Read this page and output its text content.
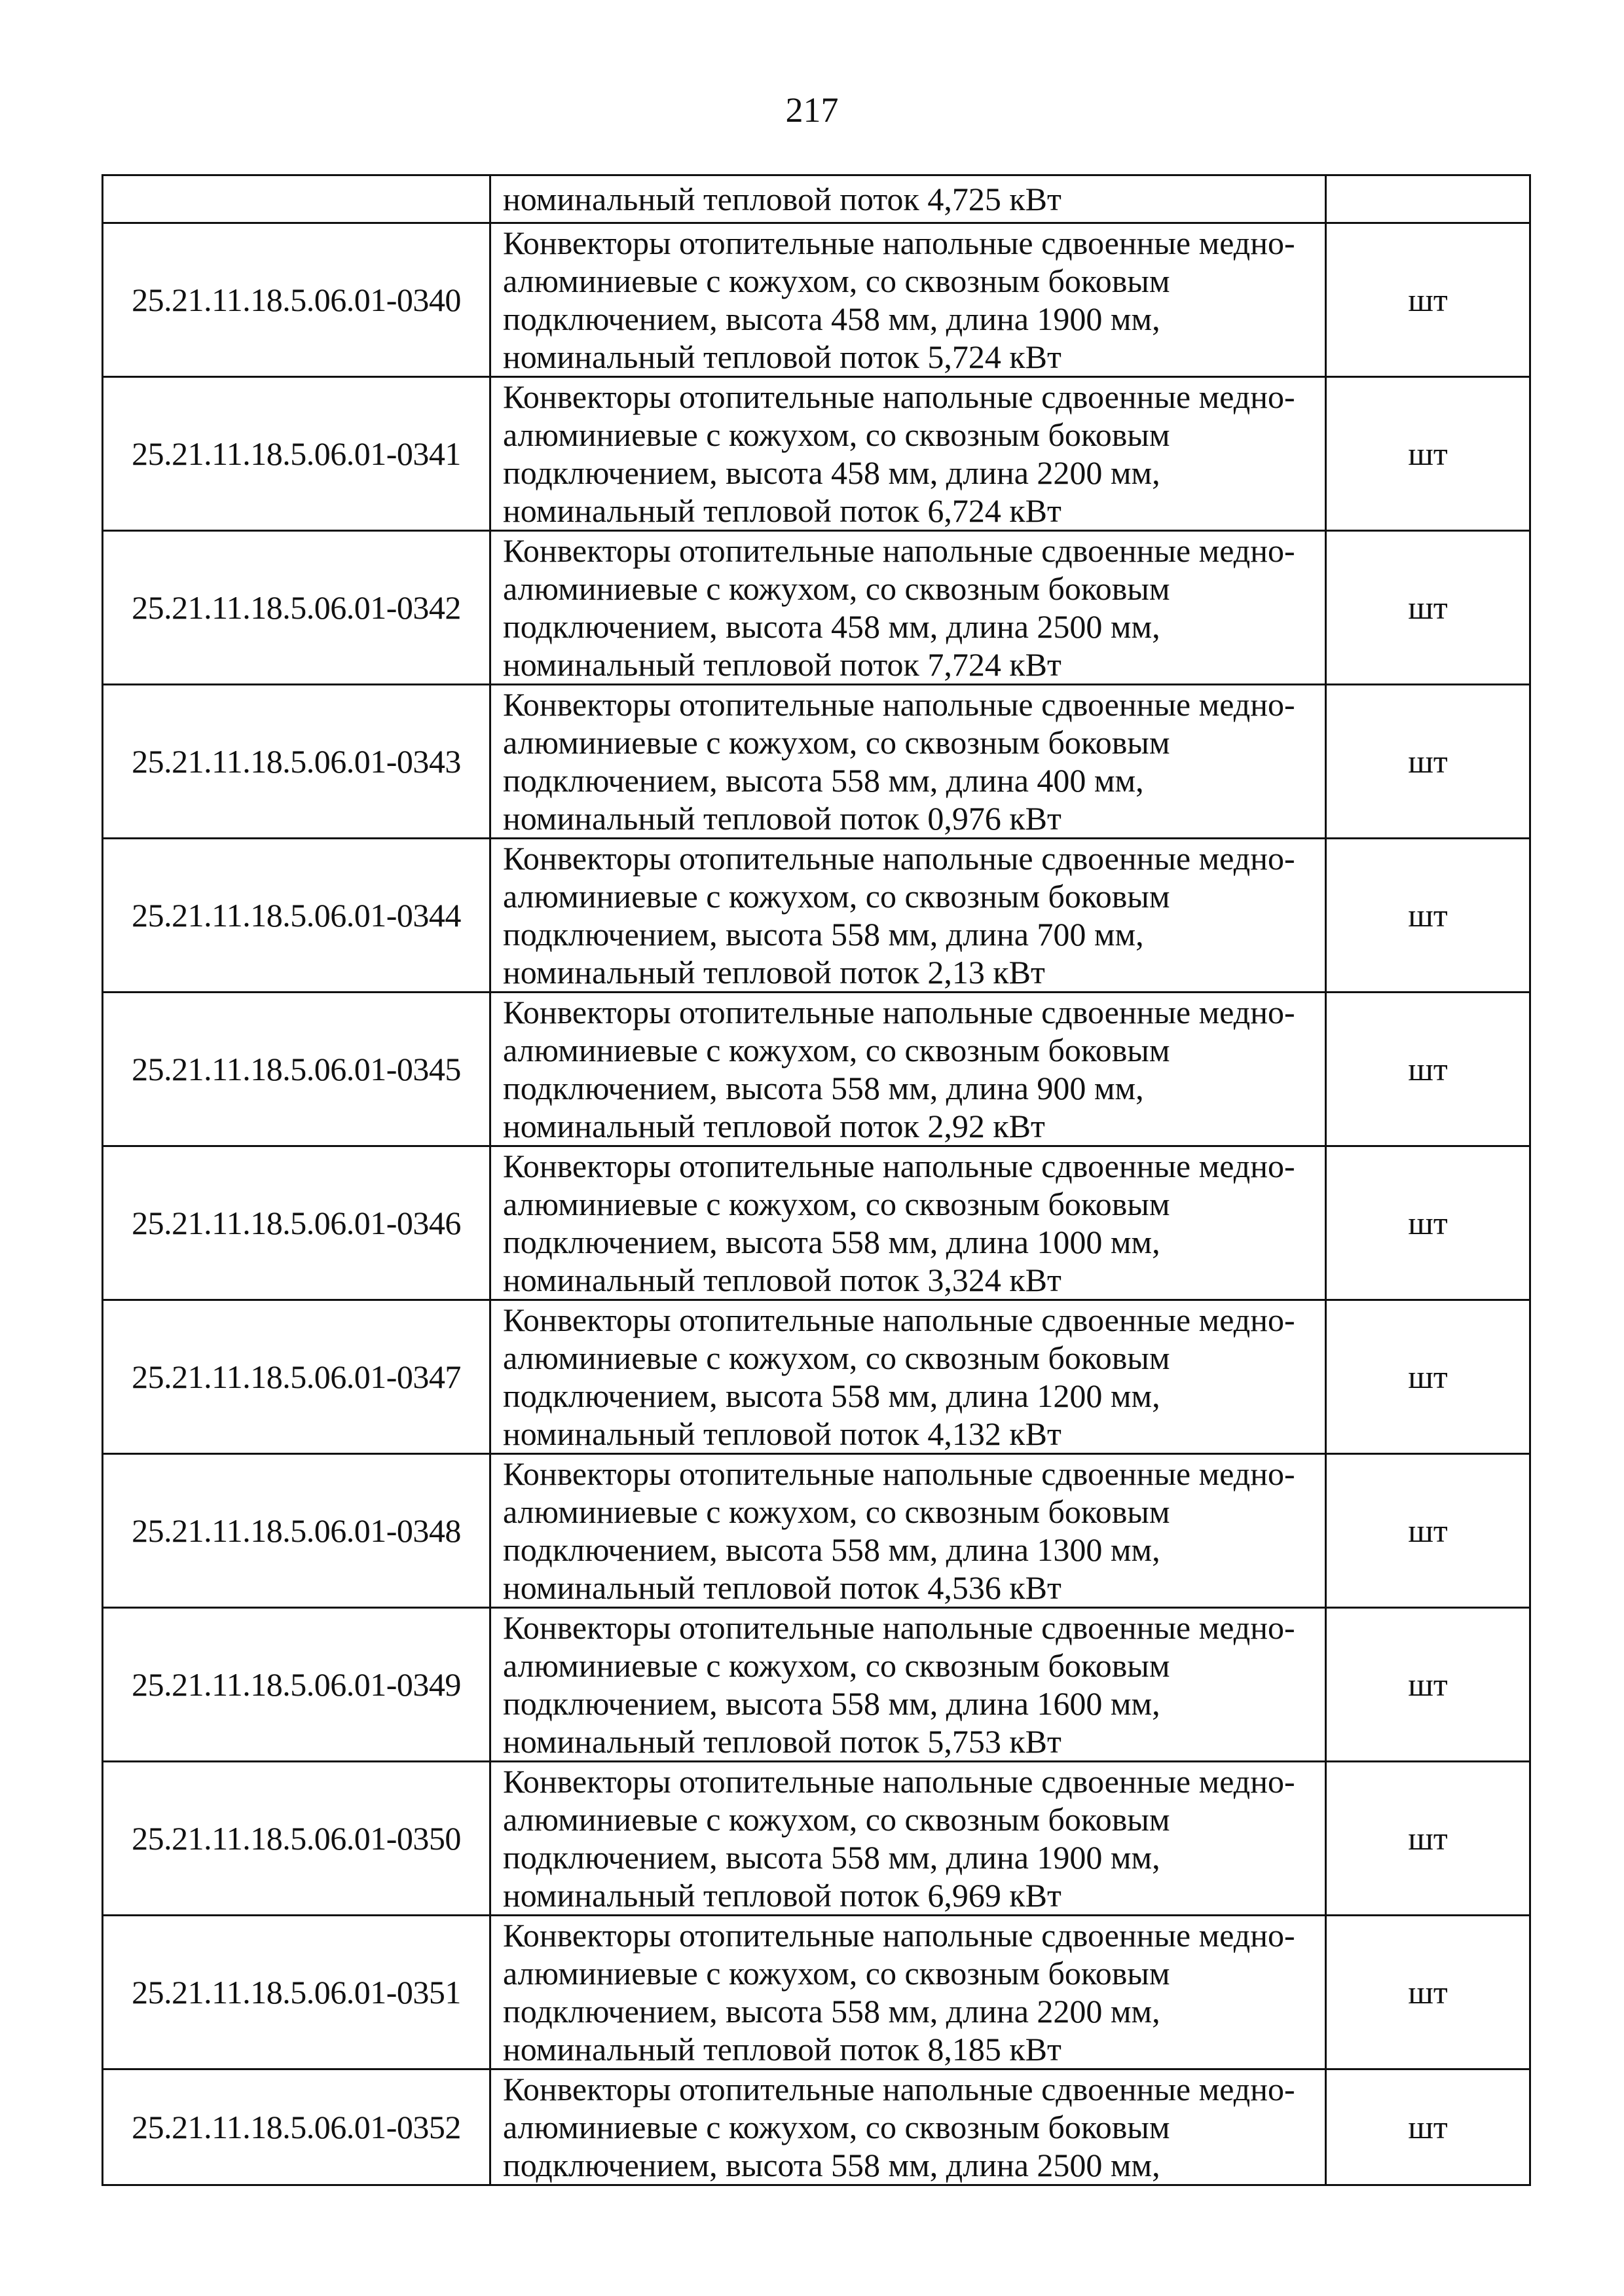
217
	номинальный тепловой поток 4,725 кВт	
25.21.11.18.5.06.01-0340	Конвекторы отопительные напольные сдвоенные медно-
алюминиевые с кожухом, со сквозным боковым
подключением, высота 458 мм, длина 1900 мм,
номинальный тепловой поток 5,724 кВт	шт
25.21.11.18.5.06.01-0341	Конвекторы отопительные напольные сдвоенные медно-
алюминиевые с кожухом, со сквозным боковым
подключением, высота 458 мм, длина 2200 мм,
номинальный тепловой поток 6,724 кВт	шт
25.21.11.18.5.06.01-0342	Конвекторы отопительные напольные сдвоенные медно-
алюминиевые с кожухом, со сквозным боковым
подключением, высота 458 мм, длина 2500 мм,
номинальный тепловой поток 7,724 кВт	шт
25.21.11.18.5.06.01-0343	Конвекторы отопительные напольные сдвоенные медно-
алюминиевые с кожухом, со сквозным боковым
подключением, высота 558 мм, длина 400 мм,
номинальный тепловой поток 0,976 кВт	шт
25.21.11.18.5.06.01-0344	Конвекторы отопительные напольные сдвоенные медно-
алюминиевые с кожухом, со сквозным боковым
подключением, высота 558 мм, длина 700 мм,
номинальный тепловой поток 2,13 кВт	шт
25.21.11.18.5.06.01-0345	Конвекторы отопительные напольные сдвоенные медно-
алюминиевые с кожухом, со сквозным боковым
подключением, высота 558 мм, длина 900 мм,
номинальный тепловой поток 2,92 кВт	шт
25.21.11.18.5.06.01-0346	Конвекторы отопительные напольные сдвоенные медно-
алюминиевые с кожухом, со сквозным боковым
подключением, высота 558 мм, длина 1000 мм,
номинальный тепловой поток 3,324 кВт	шт
25.21.11.18.5.06.01-0347	Конвекторы отопительные напольные сдвоенные медно-
алюминиевые с кожухом, со сквозным боковым
подключением, высота 558 мм, длина 1200 мм,
номинальный тепловой поток 4,132 кВт	шт
25.21.11.18.5.06.01-0348	Конвекторы отопительные напольные сдвоенные медно-
алюминиевые с кожухом, со сквозным боковым
подключением, высота 558 мм, длина 1300 мм,
номинальный тепловой поток 4,536 кВт	шт
25.21.11.18.5.06.01-0349	Конвекторы отопительные напольные сдвоенные медно-
алюминиевые с кожухом, со сквозным боковым
подключением, высота 558 мм, длина 1600 мм,
номинальный тепловой поток 5,753 кВт	шт
25.21.11.18.5.06.01-0350	Конвекторы отопительные напольные сдвоенные медно-
алюминиевые с кожухом, со сквозным боковым
подключением, высота 558 мм, длина 1900 мм,
номинальный тепловой поток 6,969 кВт	шт
25.21.11.18.5.06.01-0351	Конвекторы отопительные напольные сдвоенные медно-
алюминиевые с кожухом, со сквозным боковым
подключением, высота 558 мм, длина 2200 мм,
номинальный тепловой поток 8,185 кВт	шт
25.21.11.18.5.06.01-0352	Конвекторы отопительные напольные сдвоенные медно-
алюминиевые с кожухом, со сквозным боковым
подключением, высота 558 мм, длина 2500 мм,	шт
